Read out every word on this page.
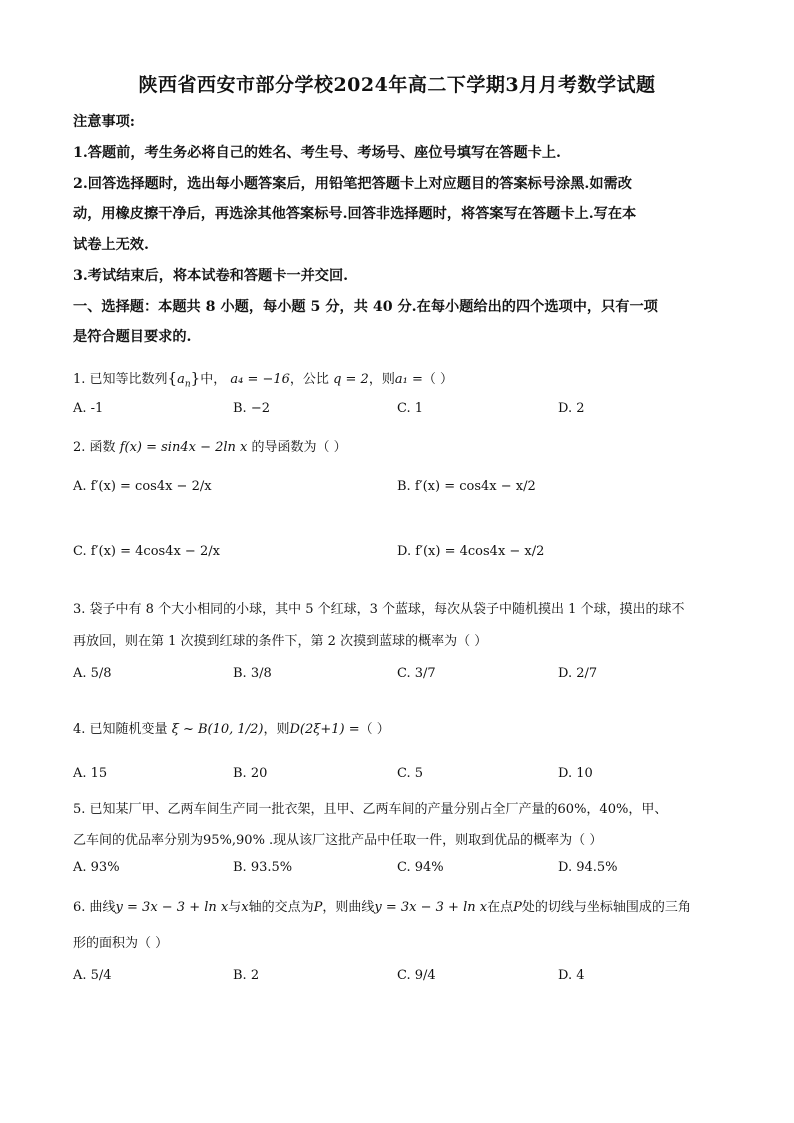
陕西省西安市部分学校2024年高二下学期3月月考数学试题
注意事项:
1.答题前，考生务必将自己的姓名、考生号、考场号、座位号填写在答题卡上.
2.回答选择题时，选出每小题答案后，用铅笔把答题卡上对应题目的答案标号涂黑.如需改
动，用橡皮擦干净后，再选涂其他答案标号.回答非选择题时，将答案写在答题卡上.写在本
试卷上无效.
3.考试结束后，将本试卷和答题卡一并交回.
一、选择题：本题共 8 小题，每小题 5 分，共 40 分.在每小题给出的四个选项中，只有一项
是符合题目要求的.
1. 已知等比数列$\{a_n\}$中， a₄ = −16，公比 q = 2，则a₁ =（ ）
A. -1	B. −2	C. 1	D. 2
2. 函数 f(x) = sin4x − 2ln x 的导函数为（ ）
A. f′(x) = cos4x − 2/x	B. f′(x) = cos4x − x/2
C. f′(x) = 4cos4x − 2/x	D. f′(x) = 4cos4x − x/2
3. 袋子中有 8 个大小相同的小球，其中 5 个红球，3 个蓝球，每次从袋子中随机摸出 1 个球，摸出的球不
再放回，则在第 1 次摸到红球的条件下，第 2 次摸到蓝球的概率为（ ）
A. 5/8	B. 3/8	C. 3/7	D. 2/7
4. 已知随机变量 ξ ~ B(10, 1/2)，则D(2ξ+1) =（ ）
A. 15	B. 20	C. 5	D. 10
5. 已知某厂甲、乙两车间生产同一批衣架，且甲、乙两车间的产量分别占全厂产量的60%，40%，甲、
乙车间的优品率分别为95%,90% .现从该厂这批产品中任取一件，则取到优品的概率为（ ）
A. 93%	B. 93.5%	C. 94%	D. 94.5%
6. 曲线y = 3x − 3 + ln x与x轴的交点为P，则曲线y = 3x − 3 + ln x在点P处的切线与坐标轴围成的三角
形的面积为（ ）
A. 5/4	B. 2	C. 9/4	D. 4
